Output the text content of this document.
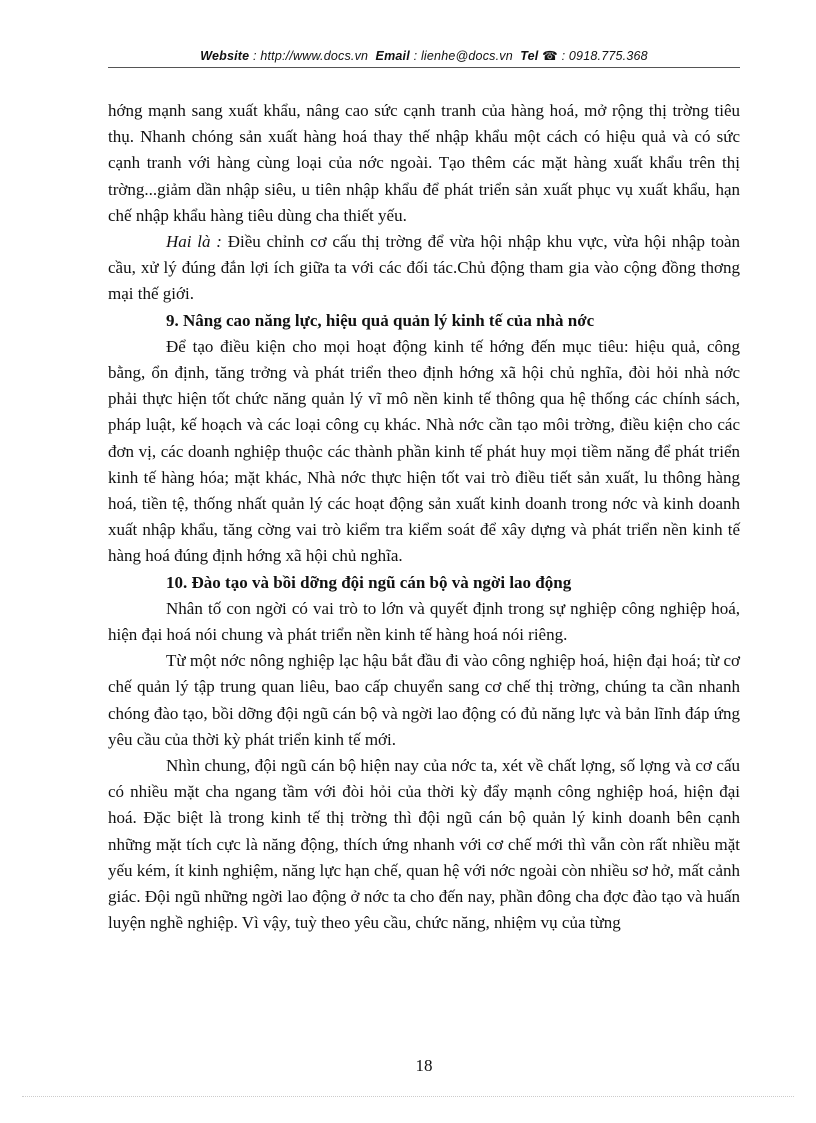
Website : http://www.docs.vn Email : lienhe@docs.vn Tel ☎ : 0918.775.368

hớng mạnh sang xuất khẩu, nâng cao sức cạnh tranh của hàng hoá, mở rộng thị trờng tiêu thụ. Nhanh chóng sản xuất hàng hoá thay thế nhập khẩu một cách có hiệu quả và có sức cạnh tranh với hàng cùng loại của nớc ngoài. Tạo thêm các mặt hàng xuất khẩu trên thị trờng...giảm dần nhập siêu, u tiên nhập khẩu để phát triển sản xuất phục vụ xuất khẩu, hạn chế nhập khẩu hàng tiêu dùng cha thiết yếu.

Hai là : Điều chỉnh cơ cấu thị trờng để vừa hội nhập khu vực, vừa hội nhập toàn cầu, xử lý đúng đắn lợi ích giữa ta với các đối tác.Chủ động tham gia vào cộng đồng thơng mại thế giới.

9. Nâng cao năng lực, hiệu quả quản lý kinh tế của nhà nớc

Để tạo điều kiện cho mọi hoạt động kinh tế hớng đến mục tiêu: hiệu quả, công bằng, ổn định, tăng trởng và phát triển theo định hớng xã hội chủ nghĩa, đòi hỏi nhà nớc phải thực hiện tốt chức năng quản lý vĩ mô nền kinh tế thông qua hệ thống các chính sách, pháp luật, kế hoạch và các loại công cụ khác. Nhà nớc cần tạo môi trờng, điều kiện cho các đơn vị, các doanh nghiệp thuộc các thành phần kinh tế phát huy mọi tiềm năng để phát triển kinh tế hàng hóa; mặt khác, Nhà nớc thực hiện tốt vai trò điều tiết sản xuất, lu thông hàng hoá, tiền tệ, thống nhất quản lý các hoạt động sản xuất kinh doanh trong nớc và kinh doanh xuất nhập khẩu, tăng cờng vai trò kiểm tra kiểm soát để xây dựng và phát triển nền kinh tế hàng hoá đúng định hớng xã hội chủ nghĩa.

10. Đào tạo và bồi dỡng đội ngũ cán bộ và ngời lao động

Nhân tố con ngời có vai trò to lớn và quyết định trong sự nghiệp công nghiệp hoá, hiện đại hoá nói chung và phát triển nền kinh tế hàng hoá nói riêng.

Từ một nớc nông nghiệp lạc hậu bắt đầu đi vào công nghiệp hoá, hiện đại hoá; từ cơ chế quản lý tập trung quan liêu, bao cấp chuyển sang cơ chế thị trờng, chúng ta cần nhanh chóng đào tạo, bồi dỡng đội ngũ cán bộ và ngời lao động có đủ năng lực và bản lĩnh đáp ứng yêu cầu của thời kỳ phát triển kinh tế mới.

Nhìn chung, đội ngũ cán bộ hiện nay của nớc ta, xét về chất lợng, số lợng và cơ cấu có nhiều mặt cha ngang tầm với đòi hỏi của thời kỳ đẩy mạnh công nghiệp hoá, hiện đại hoá. Đặc biệt là trong kinh tế thị trờng thì đội ngũ cán bộ quản lý kinh doanh bên cạnh những mặt tích cực là năng động, thích ứng nhanh với cơ chế mới thì vẫn còn rất nhiều mặt yếu kém, ít kinh nghiệm, năng lực hạn chế, quan hệ với nớc ngoài còn nhiều sơ hở, mất cảnh giác. Đội ngũ những ngời lao động ở nớc ta cho đến nay, phần đông cha đợc đào tạo và huấn luyện nghề nghiệp. Vì vậy, tuỳ theo yêu cầu, chức năng, nhiệm vụ của từng

18
